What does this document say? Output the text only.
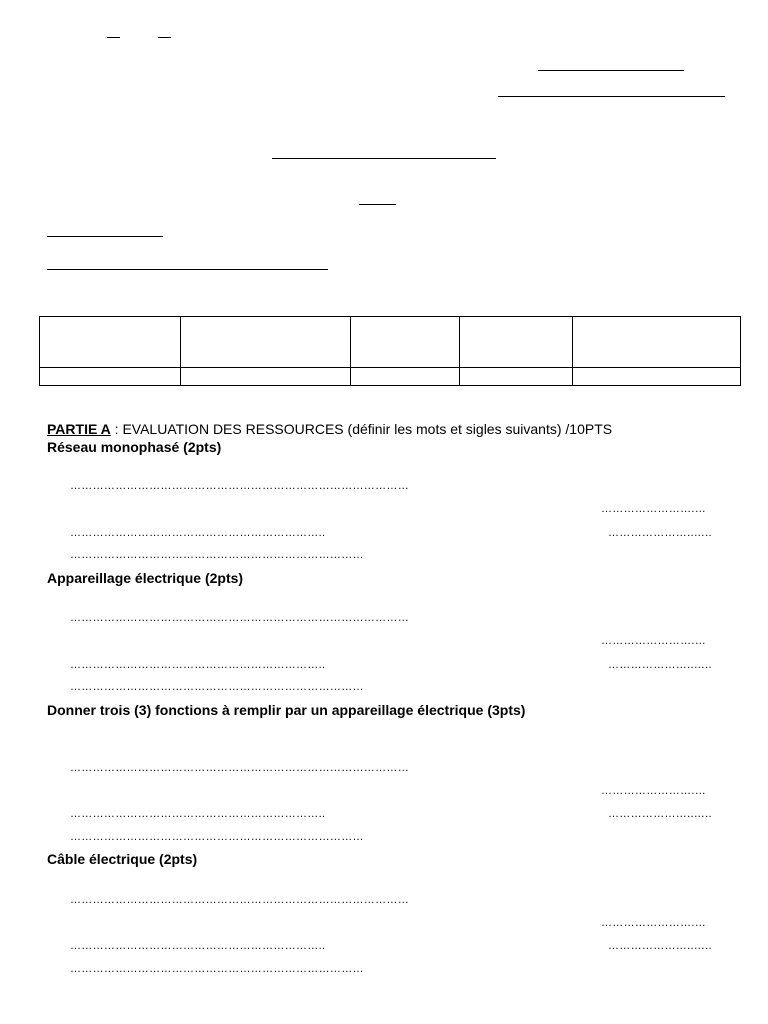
PARTIE A : EVALUATION DES RESSOURCES (définir les mots et sigles suivants) /10PTS
Réseau monophasé (2pts)
………………………………………………………………………………
…………………….…
…………………………………………………………..	…………………..…..
……………………………………………………………………
Appareillage électrique (2pts)
………………………………………………………………………………
…………………….…
…………………………………………………………..	…………………..…..
……………………………………………………………………
Donner trois (3) fonctions à remplir par un appareillage électrique (3pts)
………………………………………………………………………………
…………………….…
…………………………………………………………..	…………………..…..
……………………………………………………………………
Câble électrique (2pts)
………………………………………………………………………………
…………………….…
…………………………………………………………..	…………………..…..
……………………………………………………………………
